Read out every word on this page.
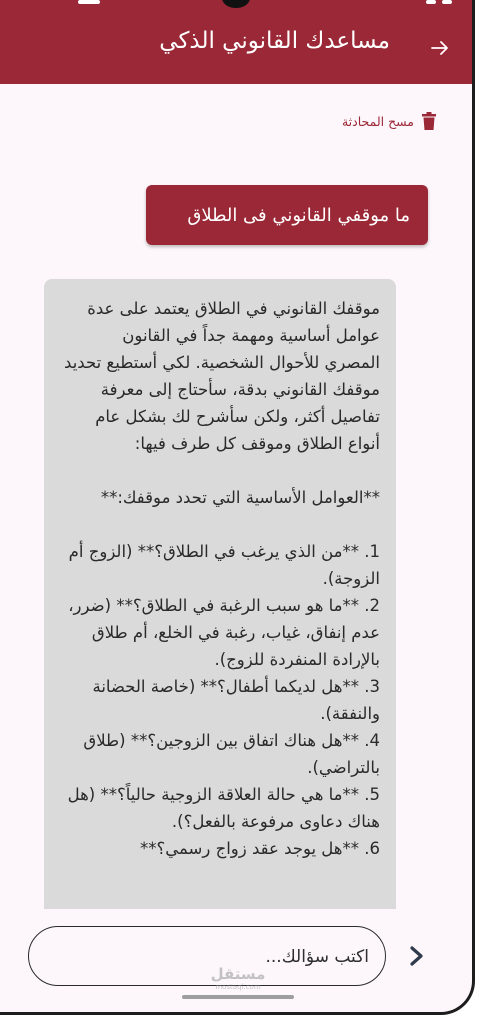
مساعدك القانوني الذكي
مسح المحادثة
ما موقفي القانوني فى الطلاق

موقفك القانوني في الطلاق يعتمد على عدة عوامل أساسية ومهمة جداً في القانون المصري للأحوال الشخصية. لكي أستطيع تحديد موقفك القانوني بدقة، سأحتاج إلى معرفة تفاصيل أكثر، ولكن سأشرح لك بشكل عام أنواع الطلاق وموقف كل طرف فيها:

**العوامل الأساسية التي تحدد موقفك:**

1. **من الذي يرغب في الطلاق؟** (الزوج أم الزوجة).

2. **ما هو سبب الرغبة في الطلاق؟** (ضرر، عدم إنفاق، غياب، رغبة في الخلع، أم طلاق بالإرادة المنفردة للزوج).

3. **هل لديكما أطفال؟** (خاصة الحضانة والنفقة).

4. **هل هناك اتفاق بين الزوجين؟** (طلاق بالتراضي).

5. **ما هي حالة العلاقة الزوجية حالياً؟** (هل هناك دعاوى مرفوعة بالفعل؟).

6. **هل يوجد عقد زواج رسمي؟**

اكتب سؤالك...
مستقل
mostaql.com
